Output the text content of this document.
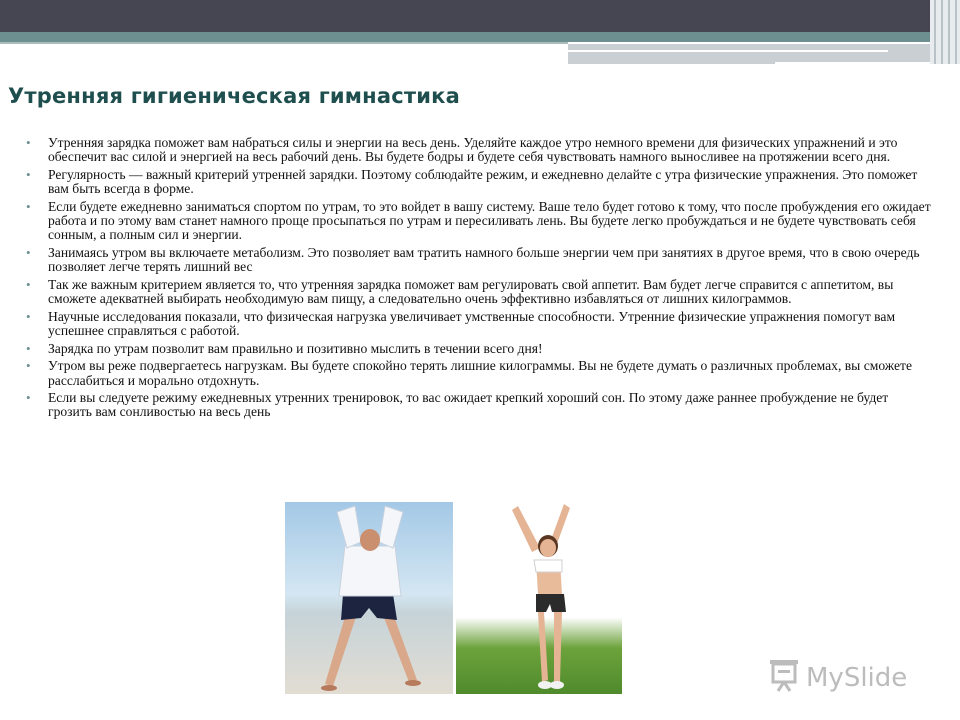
Утренняя гигиеническая гимнастика
• Утренняя зарядка поможет вам набраться силы и энергии на весь день. Уделяйте каждое утро немного времени для физических упражнений и это обеспечит вас силой и энергией на весь рабочий день. Вы будете бодры и будете себя чувствовать намного выносливее на протяжении всего дня.
• Регулярность — важный критерий утренней зарядки. Поэтому соблюдайте режим, и ежедневно делайте с утра физические упражнения. Это поможет вам быть всегда в форме.
• Если будете ежедневно заниматься спортом по утрам, то это войдет в вашу систему. Ваше тело будет готово к тому, что после пробуждения его ожидает работа и по этому вам станет намного проще просыпаться по утрам и пересиливать лень. Вы будете легко пробуждаться и не будете чувствовать себя сонным, а полным сил и энергии.
• Занимаясь утром вы включаете метаболизм. Это позволяет вам тратить намного больше энергии чем при занятиях в другое время, что в свою очередь позволяет легче терять лишний вес
• Так же важным критерием является то, что утренняя зарядка поможет вам регулировать свой аппетит. Вам будет легче справится с аппетитом, вы сможете адекватней выбирать необходимую вам пищу, а следовательно очень эффективно избавляться от лишних килограммов.
• Научные исследования показали, что физическая нагрузка увеличивает умственные способности. Утренние физические упражнения помогут вам успешнее справляться с работой.
• Зарядка по утрам позволит вам правильно и позитивно мыслить в течении всего дня!
• Утром вы реже подвергаетесь нагрузкам. Вы будете спокойно терять лишние килограммы. Вы не будете думать о различных проблемах, вы сможете расслабиться и морально отдохнуть.
• Если вы следуете режиму ежедневных утренних тренировок, то вас ожидает крепкий хороший сон. По этому даже раннее пробуждение не будет грозить вам сонливостью на весь день
MySlide
